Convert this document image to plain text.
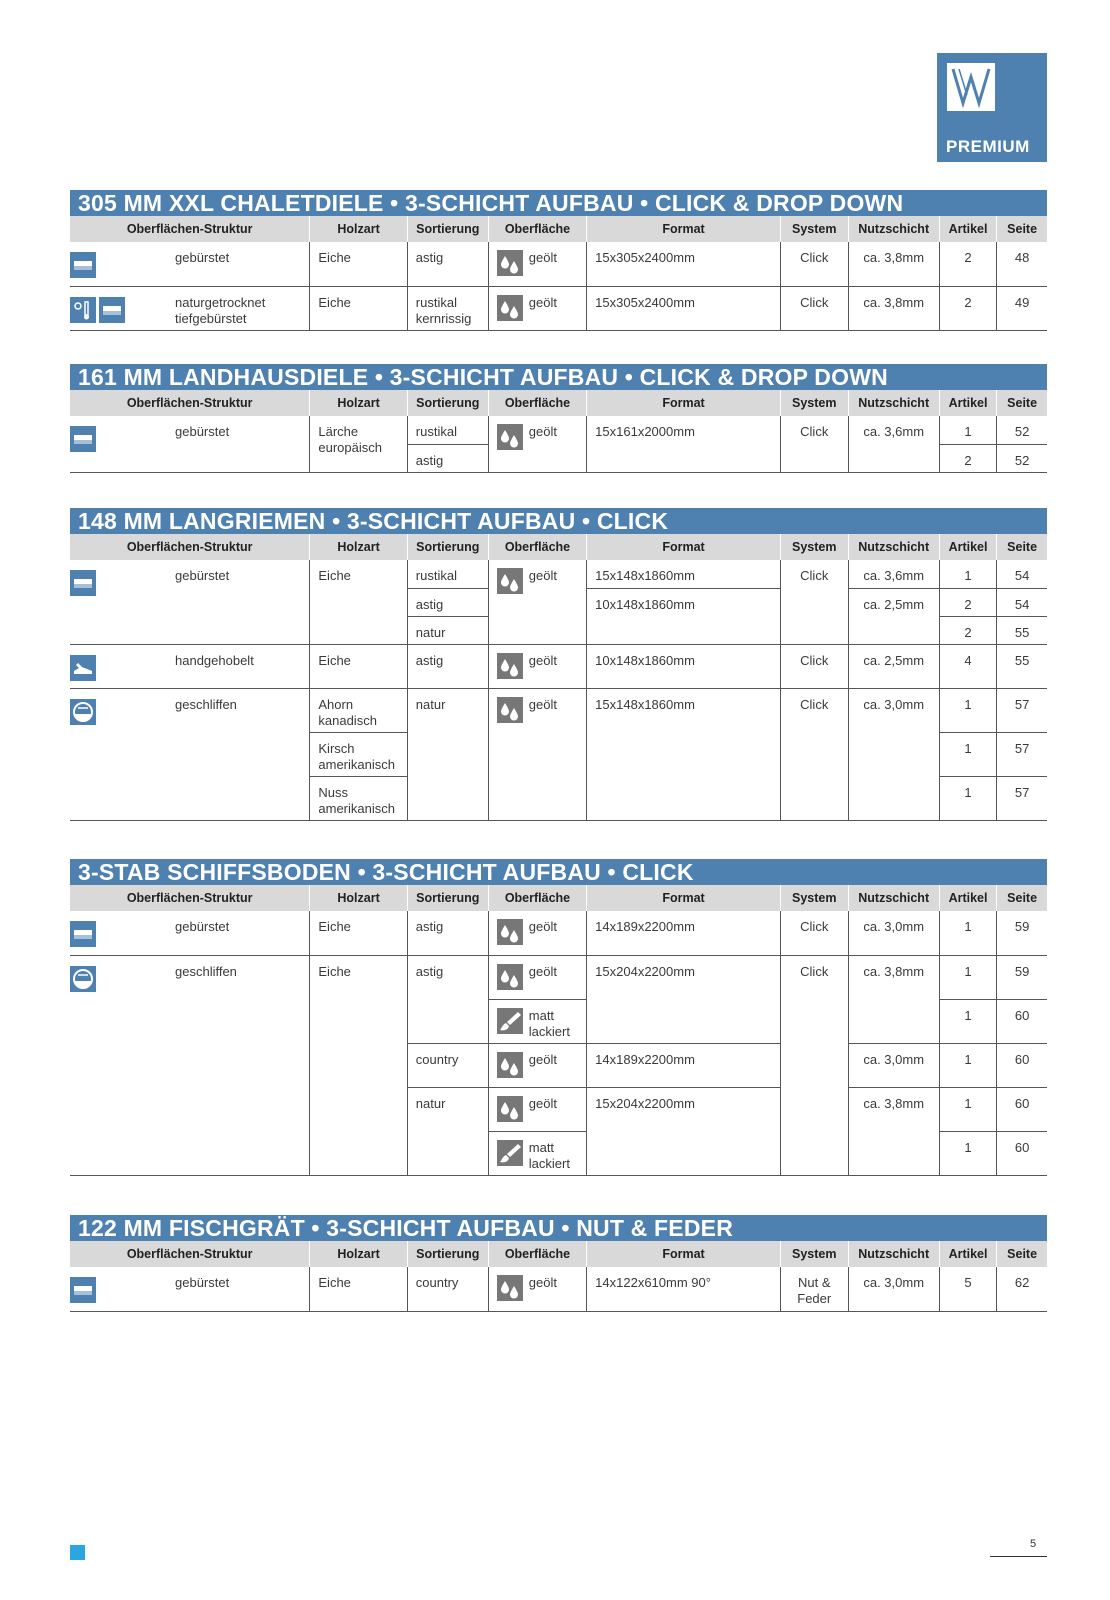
PREMIUM
305 MM XXL CHALETDIELE • 3-SCHICHT AUFBAU • CLICK & DROP DOWN
Oberflächen-Struktur	Holzart	Sortierung	Oberfläche	Format	System	Nutzschicht	Artikel	Seite

gebürstet	Eiche	astig	geölt	15x305x2400mm	Click	ca. 3,8mm	2	48

naturgetrocknet tiefgebürstet	Eiche	rustikal kernrissig	geölt	15x305x2400mm	Click	ca. 3,8mm	2	49
161 MM LANDHAUSDIELE • 3-SCHICHT AUFBAU • CLICK & DROP DOWN
Oberflächen-Struktur	Holzart	Sortierung	Oberfläche	Format	System	Nutzschicht	Artikel	Seite

gebürstet	Lärche europäisch	rustikal	geölt	15x161x2000mm	Click	ca. 3,6mm	1	52
		astig					2	52
148 MM LANGRIEMEN • 3-SCHICHT AUFBAU • CLICK
Oberflächen-Struktur	Holzart	Sortierung	Oberfläche	Format	System	Nutzschicht	Artikel	Seite

gebürstet	Eiche	rustikal	geölt	15x148x1860mm	Click	ca. 3,6mm	1	54
		astig		10x148x1860mm		ca. 2,5mm	2	54
		natur					2	55

handgehobelt	Eiche	astig	geölt	10x148x1860mm	Click	ca. 2,5mm	4	55

geschliffen	Ahorn kanadisch	natur	geölt	15x148x1860mm	Click	ca. 3,0mm	1	57
	Kirsch amerikanisch						1	57
	Nuss amerikanisch						1	57
3-STAB SCHIFFSBODEN • 3-SCHICHT AUFBAU • CLICK
Oberflächen-Struktur	Holzart	Sortierung	Oberfläche	Format	System	Nutzschicht	Artikel	Seite

gebürstet	Eiche	astig	geölt	14x189x2200mm	Click	ca. 3,0mm	1	59

geschliffen	Eiche	astig	geölt	15x204x2200mm	Click	ca. 3,8mm	1	59

			matt lackiert				1	60
		country	geölt	14x189x2200mm		ca. 3,0mm	1	60
		natur	geölt	15x204x2200mm		ca. 3,8mm	1	60

			matt lackiert				1	60
122 MM FISCHGRÄT • 3-SCHICHT AUFBAU • NUT & FEDER
Oberflächen-Struktur	Holzart	Sortierung	Oberfläche	Format	System	Nutzschicht	Artikel	Seite

gebürstet	Eiche	country	geölt	14x122x610mm 90°	Nut & Feder	ca. 3,0mm	5	62
5
